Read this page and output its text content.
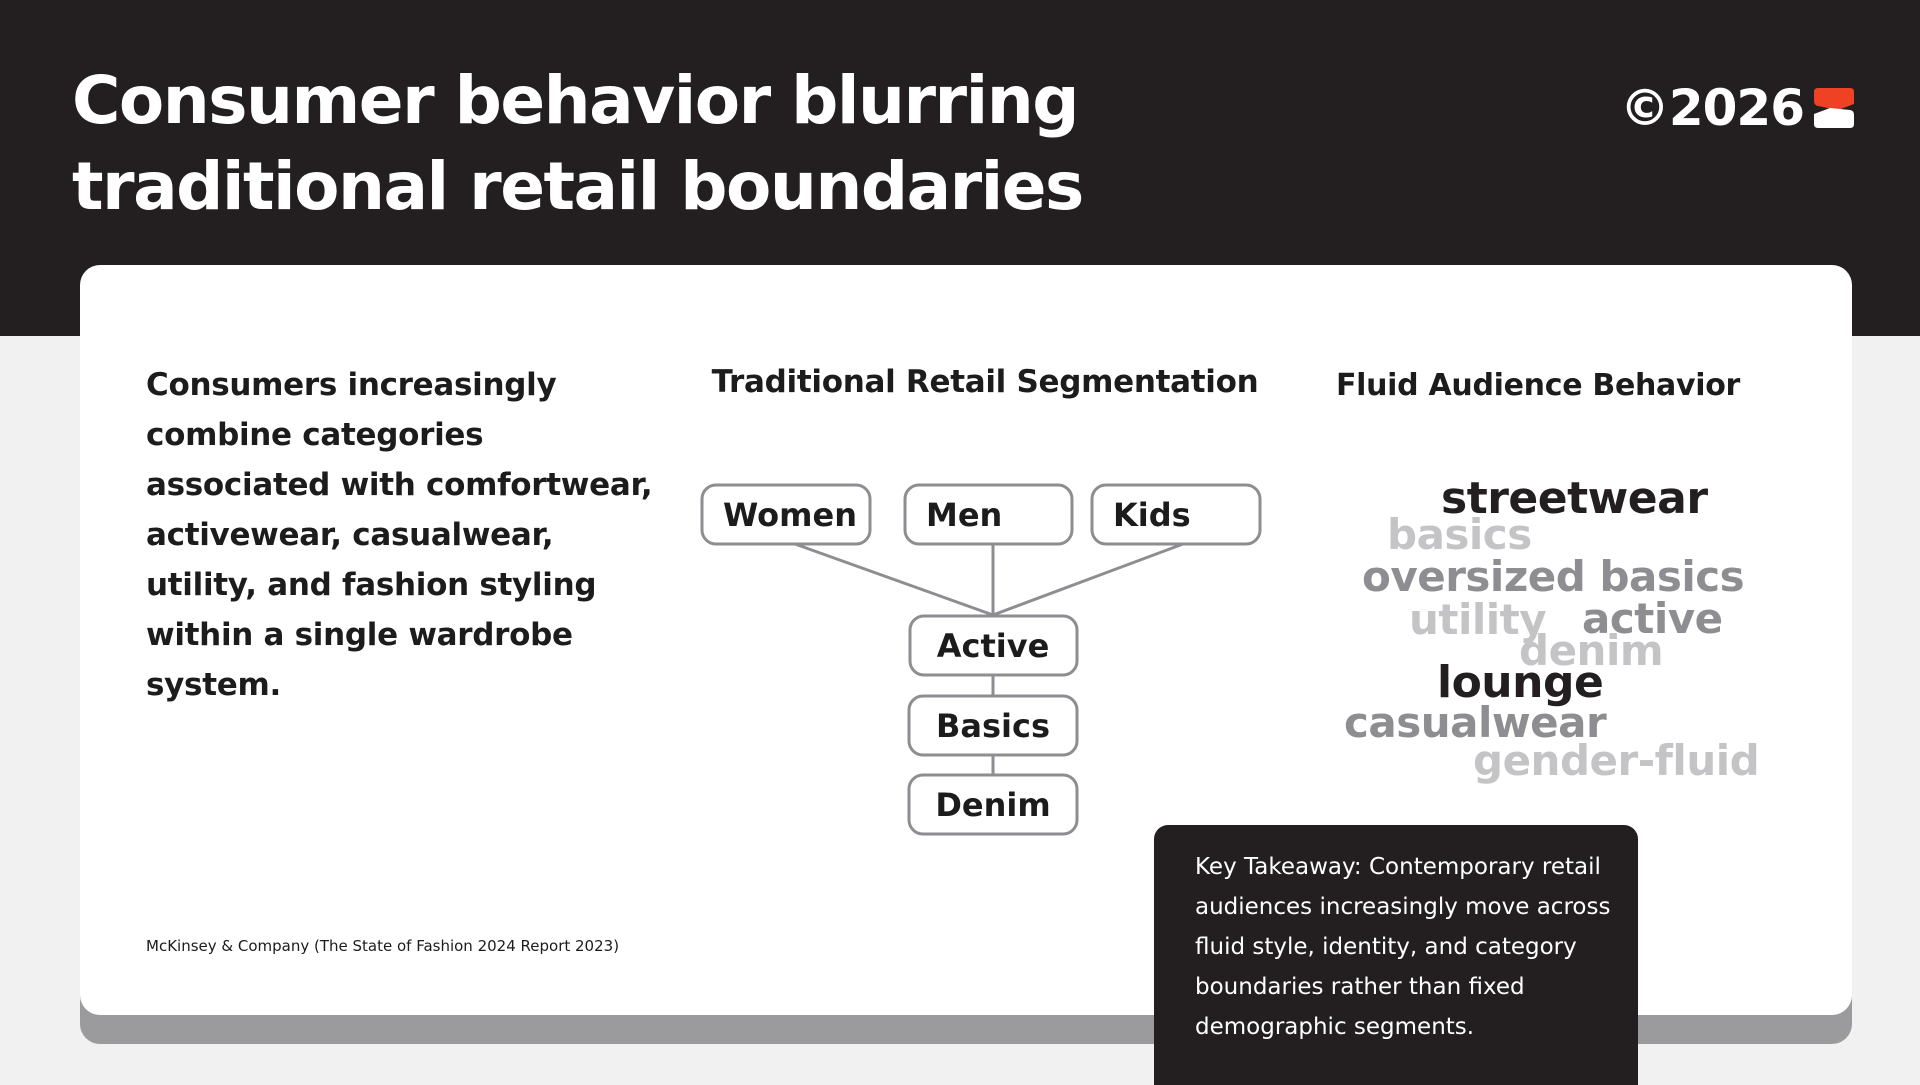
Consumer behavior blurring traditional retail boundaries
©2026

Consumers increasingly combine categories associated with comfortwear, activewear, casualwear, utility, and fashion styling within a single wardrobe system.

McKinsey & Company (The State of Fashion 2024 Report 2023)
Traditional Retail Segmentation	Fluid Audience Behavior
Women Men	Kids
Active
Basics
Denim
streetwear
basics
oversized basics
utility active
denim
lounge
casualwear
gender-fluid

Key Takeaway: Contemporary retail audiences increasingly move across fluid style, identity, and category boundaries rather than fixed demographic segments.
